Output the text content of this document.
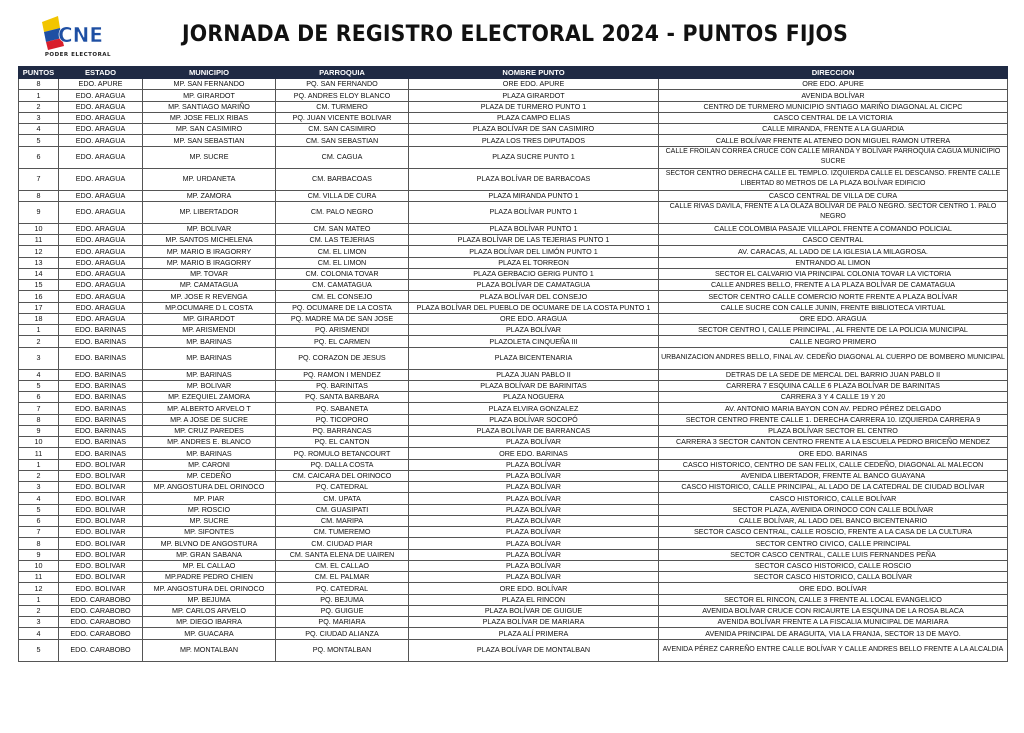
CNE
PODER ELECTORAL
JORNADA DE REGISTRO ELECTORAL 2024 - PUNTOS FIJOS
PUNTOS	ESTADO	MUNICIPIO	PARROQUIA	NOMBRE PUNTO	DIRECCION
8	EDO. APURE	MP. SAN FERNANDO	PQ. SAN FERNANDO	ORE EDO. APURE	ORE EDO. APURE
1	EDO. ARAGUA	MP. GIRARDOT	PQ. ANDRES ELOY BLANCO	PLAZA GIRARDOT	AVENIDA BOLÍVAR
2	EDO. ARAGUA	MP. SANTIAGO MARIÑO	CM. TURMERO	PLAZA DE TURMERO PUNTO 1	CENTRO DE TURMERO MUNICIPIO SNTIAGO MARIÑO DIAGONAL AL CICPC
3	EDO. ARAGUA	MP. JOSE FELIX RIBAS	PQ. JUAN VICENTE BOLIVAR	PLAZA CAMPO ELIAS	CASCO CENTRAL DE LA VICTORIA
4	EDO. ARAGUA	MP. SAN CASIMIRO	CM. SAN CASIMIRO	PLAZA BOLÍVAR DE SAN CASIMIRO	CALLE MIRANDA, FRENTE A LA GUARDIA
5	EDO. ARAGUA	MP. SAN SEBASTIAN	CM. SAN SEBASTIAN	PLAZA LOS TRES DIPUTADOS	CALLE BOLÍVAR FRENTE AL ATENEO DON MIGUEL RAMON UTRERA
6	EDO. ARAGUA	MP. SUCRE	CM. CAGUA	PLAZA SUCRE PUNTO 1	CALLE FROILAN CORREA CRUCE CON CALLE MIRANDA Y BOLÍVAR PARROQUIA CAGUA MUNICIPIO SUCRE
7	EDO. ARAGUA	MP. URDANETA	CM. BARBACOAS	PLAZA BOLÍVAR DE BARBACOAS	SECTOR CENTRO DERECHA CALLE EL TEMPLO. IZQUIERDA CALLE EL DESCANSO. FRENTE CALLE LIBERTAD 80 METROS DE LA PLAZA BOLÍVAR EDIFICIO
8	EDO. ARAGUA	MP. ZAMORA	CM. VILLA DE CURA	PLAZA MIRANDA PUNTO 1	CASCO CENTRAL DE VILLA DE CURA
9	EDO. ARAGUA	MP. LIBERTADOR	CM. PALO NEGRO	PLAZA BOLÍVAR PUNTO 1	CALLE RIVAS DAVILA, FRENTE A LA OLAZA BOLÍVAR DE PALO NEGRO. SECTOR CENTRO 1. PALO NEGRO
10	EDO. ARAGUA	MP. BOLIVAR	CM. SAN MATEO	PLAZA BOLÍVAR PUNTO 1	CALLE COLOMBIA PASAJE VILLAPOL FRENTE A COMANDO POLICIAL
11	EDO. ARAGUA	MP. SANTOS MICHELENA	CM. LAS TEJERIAS	PLAZA BOLÍVAR DE LAS TEJERIAS PUNTO 1	CASCO CENTRAL
12	EDO. ARAGUA	MP. MARIO B IRAGORRY	CM. EL LIMON	PLAZA BOLÍVAR DEL LIMÓN PUNTO 1	AV. CARACAS, AL LADO DE LA IGLESIA LA MILAGROSA.
13	EDO. ARAGUA	MP. MARIO B IRAGORRY	CM. EL LIMON	PLAZA EL TORREON	ENTRANDO AL LIMON
14	EDO. ARAGUA	MP. TOVAR	CM. COLONIA TOVAR	PLAZA GERBACIO GERIG PUNTO 1	SECTOR EL CALVARIO VIA PRINCIPAL COLONIA TOVAR LA VICTORIA
15	EDO. ARAGUA	MP. CAMATAGUA	CM. CAMATAGUA	PLAZA BOLÍVAR DE CAMATAGUA	CALLE ANDRES BELLO, FRENTE A LA PLAZA BOLÍVAR DE CAMATAGUA
16	EDO. ARAGUA	MP. JOSE R REVENGA	CM. EL CONSEJO	PLAZA BOLÍVAR DEL CONSEJO	SECTOR CENTRO CALLE COMERCIO NORTE FRENTE A PLAZA BOLÍVAR
17	EDO. ARAGUA	MP.OCUMARE D L COSTA	PQ. OCUMARE DE LA COSTA	PLAZA BOLÍVAR DEL PUEBLO DE OCUMARE DE LA COSTA PUNTO 1	CALLE SUCRE CON CALLE JUNIN, FRENTE BIBLIOTECA VIRTUAL
18	EDO. ARAGUA	MP. GIRARDOT	PQ. MADRE MA DE SAN JOSE	ORE EDO. ARAGUA	ORE EDO. ARAGUA
1	EDO. BARINAS	MP. ARISMENDI	PQ. ARISMENDI	PLAZA BOLÍVAR	SECTOR CENTRO I, CALLE PRINCIPAL , AL FRENTE DE LA POLICIA MUNICIPAL
2	EDO. BARINAS	MP. BARINAS	PQ. EL CARMEN	PLAZOLETA CINQUEÑA III	CALLE NEGRO PRIMERO
3	EDO. BARINAS	MP. BARINAS	PQ. CORAZON DE JESUS	PLAZA BICENTENARIA	URBANIZACION ANDRES BELLO, FINAL AV. CEDEÑO DIAGONAL AL CUERPO DE BOMBERO MUNICIPAL
4	EDO. BARINAS	MP. BARINAS	PQ. RAMON I MENDEZ	PLAZA JUAN PABLO II	DETRAS DE LA SEDE DE MERCAL DEL BARRIO JUAN PABLO II
5	EDO. BARINAS	MP. BOLIVAR	PQ. BARINITAS	PLAZA BOLÍVAR DE BARINITAS	CARRERA 7 ESQUINA CALLE 6 PLAZA BOLÍVAR DE BARINITAS
6	EDO. BARINAS	MP. EZEQUIEL ZAMORA	PQ. SANTA BARBARA	PLAZA NOGUERA	CARRERA 3 Y 4 CALLE 19 Y 20
7	EDO. BARINAS	MP. ALBERTO ARVELO T	PQ. SABANETA	PLAZA ELVIRA GONZALEZ	AV. ANTONIO MARIA BAYON CON AV. PEDRO PÉREZ DELGADO
8	EDO. BARINAS	MP. A JOSE DE SUCRE	PQ. TICOPORO	PLAZA BOLÍVAR SOCOPÓ	SECTOR CENTRO FRENTE CALLE 1. DERECHA CARRERA 10. IZQUIERDA CARRERA 9
9	EDO. BARINAS	MP. CRUZ PAREDES	PQ. BARRANCAS	PLAZA BOLÍVAR DE BARRANCAS	PLAZA BOLÍVAR SECTOR EL CENTRO
10	EDO. BARINAS	MP. ANDRES E. BLANCO	PQ. EL CANTON	PLAZA BOLÍVAR	CARRERA 3 SECTOR CANTON CENTRO FRENTE A LA ESCUELA PEDRO BRICEÑO MENDEZ
11	EDO. BARINAS	MP. BARINAS	PQ. ROMULO BETANCOURT	ORE EDO. BARINAS	ORE EDO. BARINAS
1	EDO. BOLIVAR	MP. CARONI	PQ. DALLA COSTA	PLAZA BOLÍVAR	CASCO HISTORICO, CENTRO DE SAN FELIX, CALLE CEDEÑO, DIAGONAL AL MALECON
2	EDO. BOLIVAR	MP. CEDEÑO	CM. CAICARA DEL ORINOCO	PLAZA BOLÍVAR	AVENIDA LIBERTADOR, FRENTE AL BANCO GUAYANA
3	EDO. BOLIVAR	MP. ANGOSTURA DEL ORINOCO	PQ. CATEDRAL	PLAZA BOLÍVAR	CASCO HISTORICO, CALLE PRINCIPAL, AL LADO DE LA CATEDRAL DE CIUDAD BOLÍVAR
4	EDO. BOLIVAR	MP. PIAR	CM. UPATA	PLAZA BOLÍVAR	CASCO HISTORICO, CALLE BOLÍVAR
5	EDO. BOLIVAR	MP. ROSCIO	CM. GUASIPATI	PLAZA BOLÍVAR	SECTOR PLAZA, AVENIDA ORINOCO CON CALLE BOLÍVAR
6	EDO. BOLIVAR	MP. SUCRE	CM. MARIPA	PLAZA BOLÍVAR	CALLE BOLÍVAR, AL LADO DEL BANCO BICENTENARIO
7	EDO. BOLIVAR	MP. SIFONTES	CM. TUMEREMO	PLAZA BOLÍVAR	SECTOR CASCO CENTRAL, CALLE ROSCIO, FRENTE A LA CASA DE LA CULTURA
8	EDO. BOLIVAR	MP. BLVNO DE ANGOSTURA	CM. CIUDAD PIAR	PLAZA BOLÍVAR	SECTOR CENTRO CIVICO, CALLE PRINCIPAL
9	EDO. BOLIVAR	MP. GRAN SABANA	CM. SANTA ELENA DE UAIREN	PLAZA BOLÍVAR	SECTOR CASCO CENTRAL, CALLE LUIS FERNANDES PEÑA
10	EDO. BOLIVAR	MP. EL CALLAO	CM. EL CALLAO	PLAZA BOLÍVAR	SECTOR CASCO HISTORICO, CALLE ROSCIO
11	EDO. BOLIVAR	MP.PADRE PEDRO CHIEN	CM. EL PALMAR	PLAZA BOLÍVAR	SECTOR CASCO HISTORICO, CALLA BOLÍVAR
12	EDO. BOLIVAR	MP. ANGOSTURA DEL ORINOCO	PQ. CATEDRAL	ORE EDO. BOLÍVAR	ORE EDO. BOLÍVAR
1	EDO. CARABOBO	MP. BEJUMA	PQ. BEJUMA	PLAZA EL RINCON	SECTOR EL RINCON, CALLE 3 FRENTE AL LOCAL EVANGELICO
2	EDO. CARABOBO	MP. CARLOS ARVELO	PQ. GUIGUE	PLAZA BOLÍVAR DE GUIGUE	AVENIDA BOLÍVAR CRUCE CON RICAURTE LA ESQUINA DE LA ROSA BLACA
3	EDO. CARABOBO	MP. DIEGO IBARRA	PQ. MARIARA	PLAZA BOLÍVAR DE MARIARA	AVENIDA BOLÍVAR FRENTE A LA FISCALIA MUNICIPAL DE MARIARA
4	EDO. CARABOBO	MP. GUACARA	PQ. CIUDAD ALIANZA	PLAZA ALÍ PRIMERA	AVENIDA PRINCIPAL DE ARAGUITA, VIA LA FRANJA, SECTOR 13 DE MAYO.
5	EDO. CARABOBO	MP. MONTALBAN	PQ. MONTALBAN	PLAZA BOLÍVAR DE MONTALBAN	AVENIDA PÉREZ CARREÑO ENTRE CALLE BOLÍVAR Y CALLE ANDRES BELLO FRENTE A LA ALCALDIA
